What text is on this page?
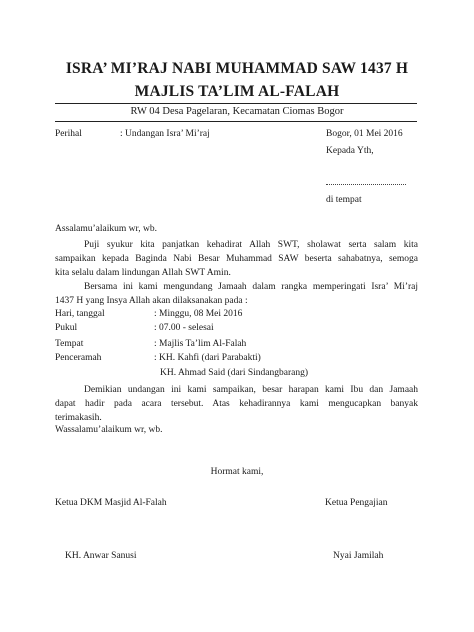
ISRA’ MI’RAJ NABI MUHAMMAD SAW 1437 H
MAJLIS TA’LIM AL-FALAH
RW 04 Desa Pagelaran, Kecamatan Ciomas Bogor
Perihal	: Undangan Isra’ Mi’raj	Bogor, 01 Mei 2016
Kepada Yth,
di tempat
Assalamu’alaikum wr, wb.
Puji syukur kita panjatkan kehadirat Allah SWT, sholawat serta salam kita
sampaikan kepada Baginda Nabi Besar Muhammad SAW beserta sahabatnya, semoga
kita selalu dalam lindungan Allah SWT Amin.
Bersama ini kami mengundang Jamaah dalam rangka memperingati Isra’ Mi’raj
1437 H yang Insya Allah akan dilaksanakan pada :
Hari, tanggal	: Minggu, 08 Mei 2016
Pukul	: 07.00 - selesai
Tempat	: Majlis Ta’lim Al-Falah
Penceramah	: KH. Kahfi (dari Parabakti)
KH. Ahmad Said (dari Sindangbarang)
Demikian undangan ini kami sampaikan, besar harapan kami Ibu dan Jamaah
dapat hadir pada acara tersebut. Atas kehadirannya kami mengucapkan banyak
terimakasih.
Wassalamu’alaikum wr, wb.
Hormat kami,
Ketua DKM Masjid Al-Falah	Ketua Pengajian
KH. Anwar Sanusi	Nyai Jamilah
